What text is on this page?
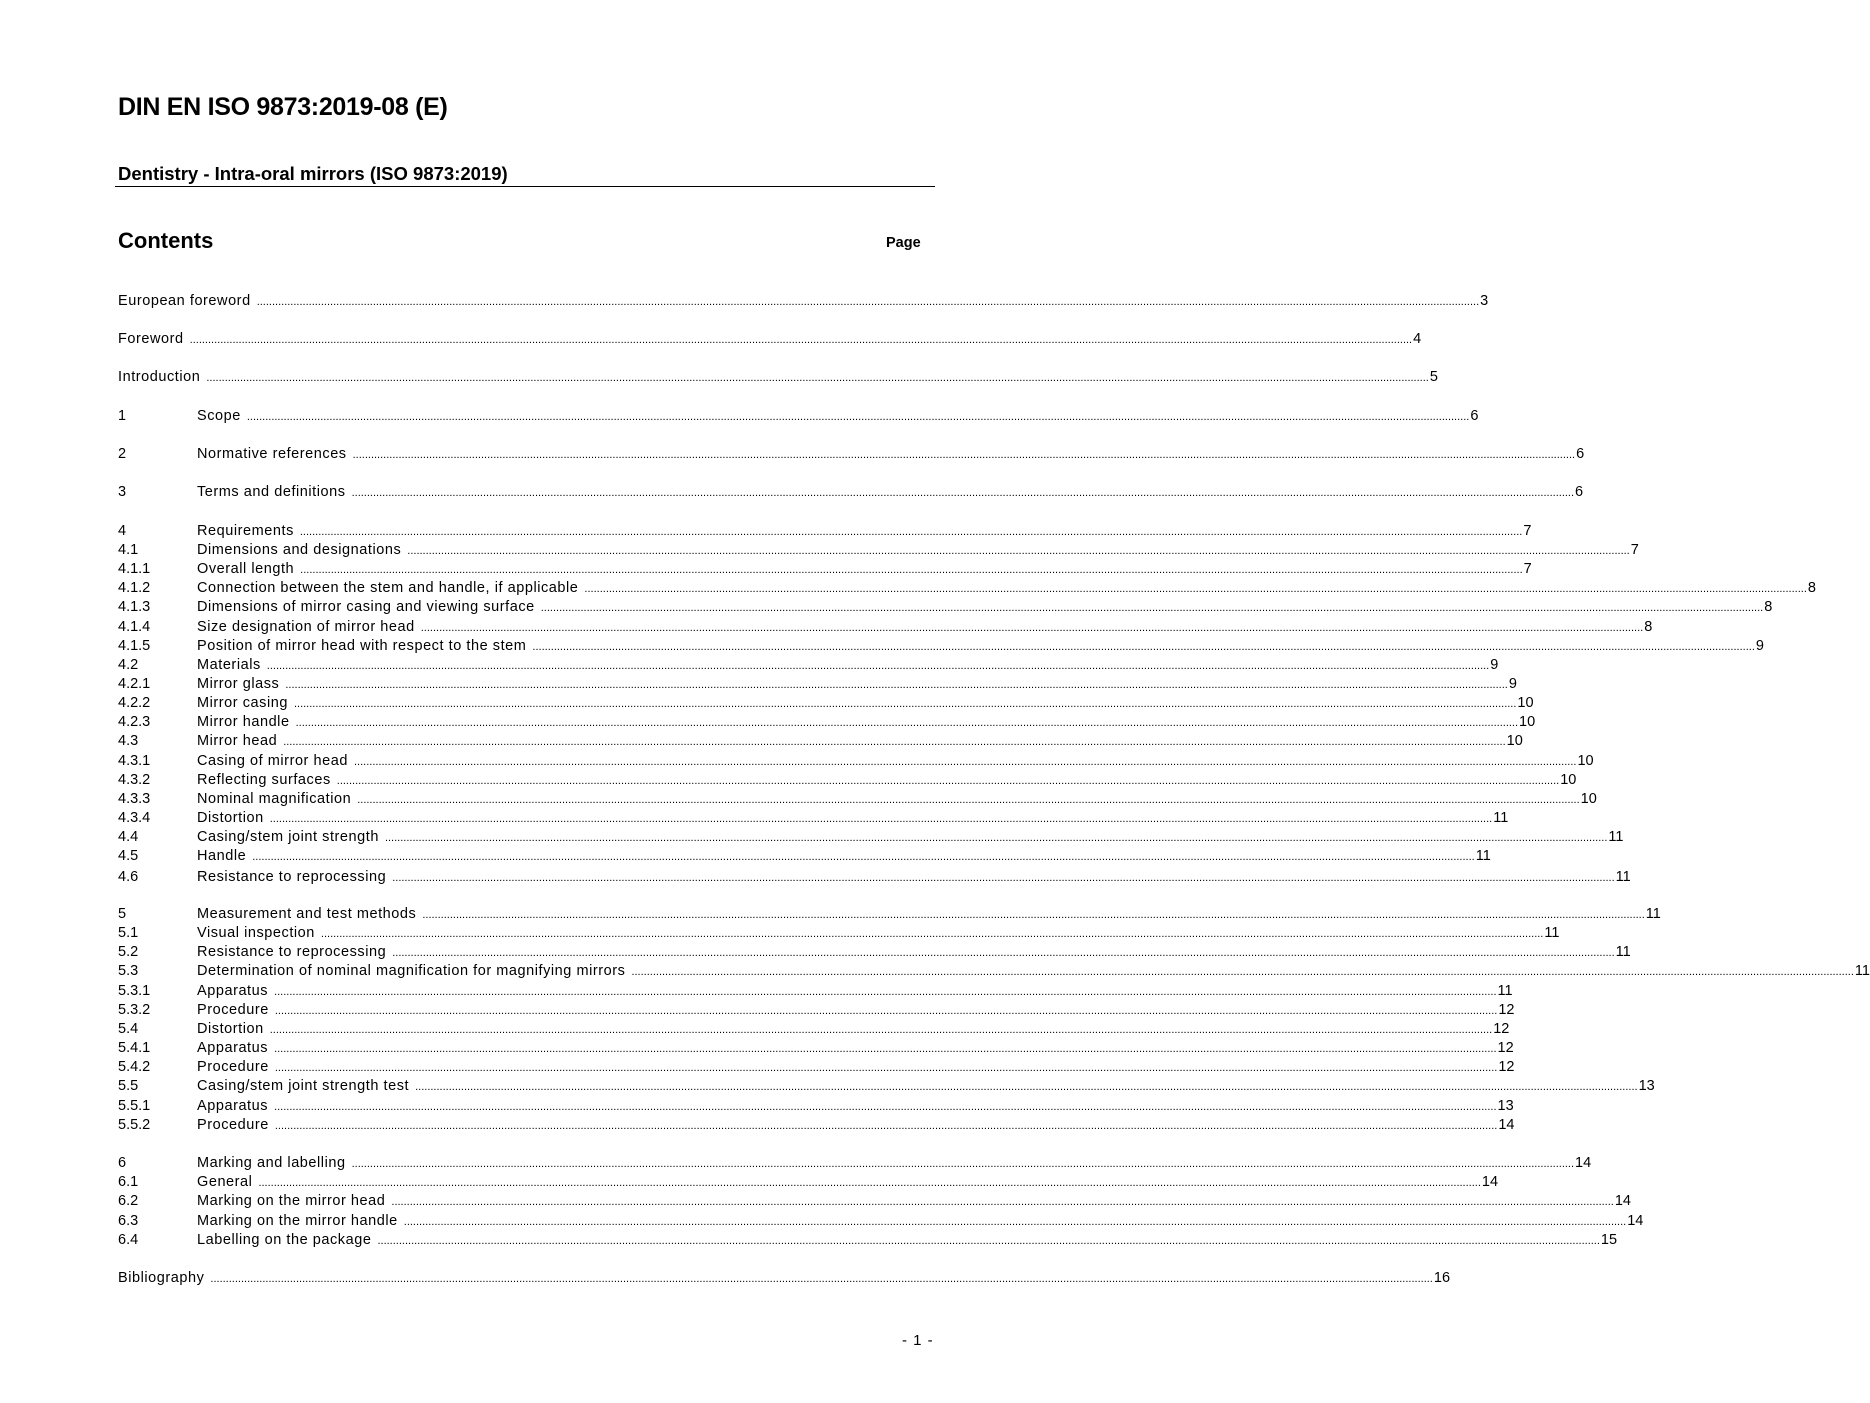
DIN EN ISO 9873:2019-08 (E)
Dentistry - Intra-oral mirrors (ISO 9873:2019)
Contents	Page
European foreword ................................................................................................................................................................................................................................................................................................................................................................................................................ 3
Foreword ................................................................................................................................................................................................................................................................................................................................................................................................................ 4
Introduction ................................................................................................................................................................................................................................................................................................................................................................................................................ 5
1	Scope ................................................................................................................................................................................................................................................................................................................................................................................................................ 6
2	Normative references ................................................................................................................................................................................................................................................................................................................................................................................................................ 6
3	Terms and definitions ................................................................................................................................................................................................................................................................................................................................................................................................................ 6
4	Requirements ................................................................................................................................................................................................................................................................................................................................................................................................................ 7
4.1	Dimensions and designations ................................................................................................................................................................................................................................................................................................................................................................................................................ 7
4.1.1	Overall length ................................................................................................................................................................................................................................................................................................................................................................................................................ 7
4.1.2	Connection between the stem and handle, if applicable ................................................................................................................................................................................................................................................................................................................................................................................................................ 8
4.1.3	Dimensions of mirror casing and viewing surface ................................................................................................................................................................................................................................................................................................................................................................................................................ 8
4.1.4	Size designation of mirror head ................................................................................................................................................................................................................................................................................................................................................................................................................ 8
4.1.5	Position of mirror head with respect to the stem ................................................................................................................................................................................................................................................................................................................................................................................................................ 9
4.2	Materials ................................................................................................................................................................................................................................................................................................................................................................................................................ 9
4.2.1	Mirror glass ................................................................................................................................................................................................................................................................................................................................................................................................................ 9
4.2.2	Mirror casing ................................................................................................................................................................................................................................................................................................................................................................................................................ 10
4.2.3	Mirror handle ................................................................................................................................................................................................................................................................................................................................................................................................................ 10
4.3	Mirror head ................................................................................................................................................................................................................................................................................................................................................................................................................ 10
4.3.1	Casing of mirror head ................................................................................................................................................................................................................................................................................................................................................................................................................ 10
4.3.2	Reflecting surfaces ................................................................................................................................................................................................................................................................................................................................................................................................................ 10
4.3.3	Nominal magnification ................................................................................................................................................................................................................................................................................................................................................................................................................ 10
4.3.4	Distortion ................................................................................................................................................................................................................................................................................................................................................................................................................ 11
4.4	Casing/stem joint strength ................................................................................................................................................................................................................................................................................................................................................................................................................ 11
4.5	Handle ................................................................................................................................................................................................................................................................................................................................................................................................................ 11
4.6	Resistance to reprocessing ................................................................................................................................................................................................................................................................................................................................................................................................................ 11
5	Measurement and test methods ................................................................................................................................................................................................................................................................................................................................................................................................................ 11
5.1	Visual inspection ................................................................................................................................................................................................................................................................................................................................................................................................................ 11
5.2	Resistance to reprocessing ................................................................................................................................................................................................................................................................................................................................................................................................................ 11
5.3	Determination of nominal magnification for magnifying mirrors ................................................................................................................................................................................................................................................................................................................................................................................................................ 11
5.3.1	Apparatus ................................................................................................................................................................................................................................................................................................................................................................................................................ 11
5.3.2	Procedure ................................................................................................................................................................................................................................................................................................................................................................................................................ 12
5.4	Distortion ................................................................................................................................................................................................................................................................................................................................................................................................................ 12
5.4.1	Apparatus ................................................................................................................................................................................................................................................................................................................................................................................................................ 12
5.4.2	Procedure ................................................................................................................................................................................................................................................................................................................................................................................................................ 12
5.5	Casing/stem joint strength test ................................................................................................................................................................................................................................................................................................................................................................................................................ 13
5.5.1	Apparatus ................................................................................................................................................................................................................................................................................................................................................................................................................ 13
5.5.2	Procedure ................................................................................................................................................................................................................................................................................................................................................................................................................ 14
6	Marking and labelling ................................................................................................................................................................................................................................................................................................................................................................................................................ 14
6.1	General ................................................................................................................................................................................................................................................................................................................................................................................................................ 14
6.2	Marking on the mirror head ................................................................................................................................................................................................................................................................................................................................................................................................................ 14
6.3	Marking on the mirror handle ................................................................................................................................................................................................................................................................................................................................................................................................................ 14
6.4	Labelling on the package ................................................................................................................................................................................................................................................................................................................................................................................................................ 15
Bibliography ................................................................................................................................................................................................................................................................................................................................................................................................................ 16
- 1 -
